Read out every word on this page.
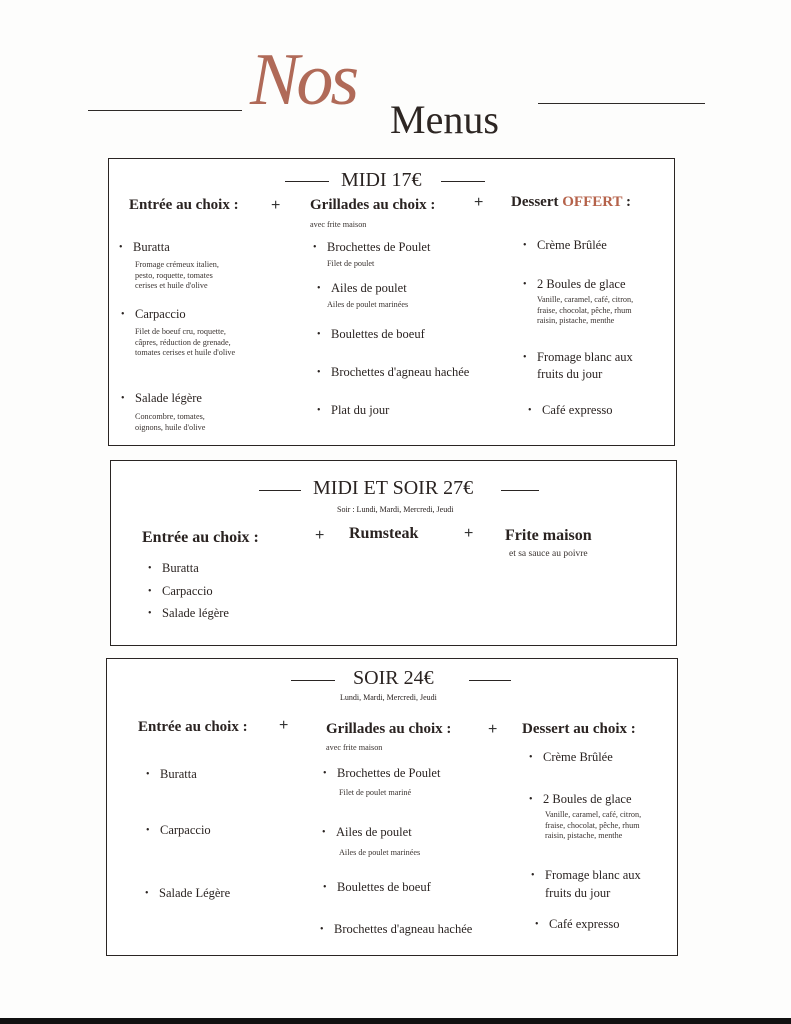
Nos Menus
MIDI 17€
Entrée au choix : + Grillades au choix : + Dessert OFFERT :
avec frite maison
• Buratta
Fromage crémeux italien,
pesto, roquette, tomates
cerises et huile d'olive
• Carpaccio
Filet de boeuf cru, roquette,
câpres, réduction de grenade,
tomates cerises et huile d'olive
• Salade légère
Concombre, tomates,
oignons, huile d'olive
• Brochettes de Poulet
Filet de poulet
• Ailes de poulet
Ailes de poulet marinées
• Boulettes de boeuf
• Brochettes d'agneau hachée
• Plat du jour
• Crème Brûlée
• 2 Boules de glace
Vanille, caramel, café, citron,
fraise, chocolat, pêche, rhum
raisin, pistache, menthe
• Fromage blanc aux
fruits du jour
• Café expresso
MIDI ET SOIR 27€
Soir : Lundi, Mardi, Mercredi, Jeudi
Entrée au choix :	+ Rumsteak	+ Frite maison
et sa sauce au poivre
• Buratta
• Carpaccio
• Salade légère
SOIR 24€
Lundi, Mardi, Mercredi, Jeudi
Entrée au choix : +	Grillades au choix : + Dessert au choix :
avec frite maison
• Buratta
• Carpaccio
• Salade Légère
• Brochettes de Poulet
Filet de poulet mariné
• Ailes de poulet
Ailes de poulet marinées
• Boulettes de boeuf
• Brochettes d'agneau hachée
• Crème Brûlée
• 2 Boules de glace
Vanille, caramel, café, citron,
fraise, chocolat, pêche, rhum
raisin, pistache, menthe
• Fromage blanc aux
fruits du jour
• Café expresso
